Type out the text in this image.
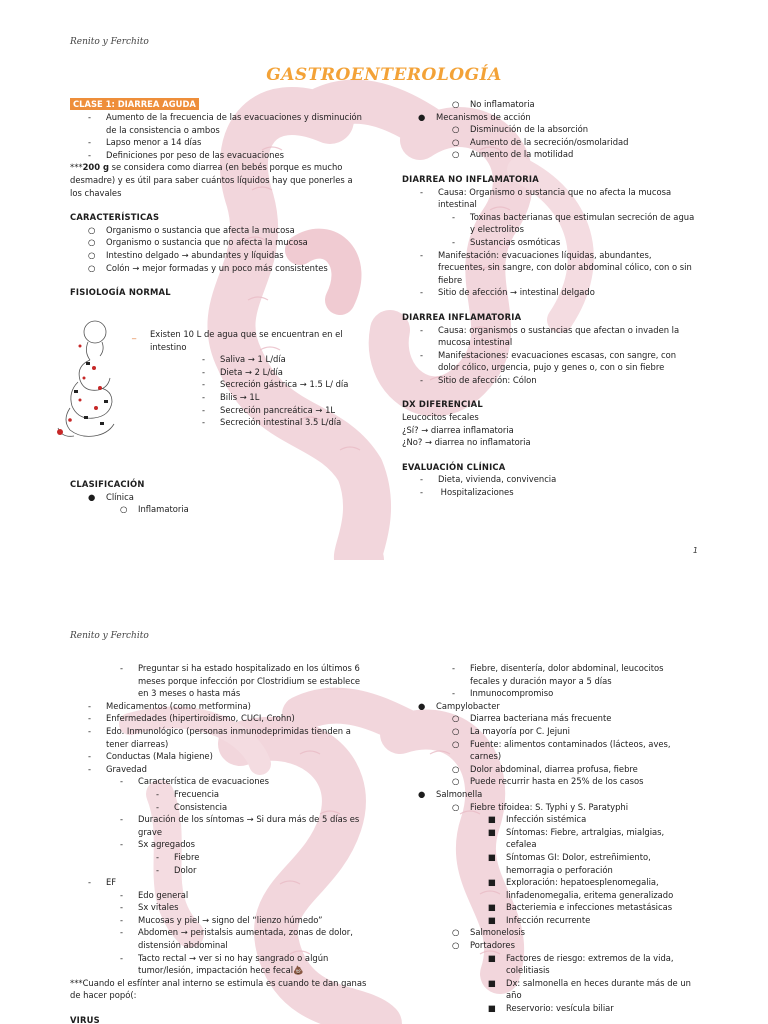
Renito y Ferchito
GASTROENTEROLOGÍA
CLASE 1: DIARREA AGUDA
- Aumento de la frecuencia de las evacuaciones y disminución
de la consistencia o ambos
- Lapso menor a 14 días
- Definiciones por peso de las evacuaciones
***200 g se considera como diarrea (en bebés porque es mucho
desmadre) y es útil para saber cuántos líquidos hay que ponerles a
los chavales
CARACTERÍSTICAS
○ Organismo o sustancia que afecta la mucosa
○ Organismo o sustancia que no afecta la mucosa
○ Intestino delgado → abundantes y líquidas
○ Colón → mejor formadas y un poco más consistentes
FISIOLOGÍA NORMAL
_ Existen 10 L de agua que se encuentran en el
intestino
- Saliva → 1 L/día
- Dieta → 2 L/día
- Secreción gástrica → 1.5 L/ día
- Bilis → 1L
- Secreción pancreática → 1L
- Secreción intestinal 3.5 L/día
CLASIFICACIÓN
● Clínica
○ Inflamatoria
○ No inflamatoria
● Mecanismos de acción
○ Disminución de la absorción
○ Aumento de la secreción/osmolaridad
○ Aumento de la motilidad
DIARREA NO INFLAMATORIA
- Causa: Organismo o sustancia que no afecta la mucosa
intestinal
- Toxinas bacterianas que estimulan secreción de agua
y electrolitos
- Sustancias osmóticas
- Manifestación: evacuaciones líquidas, abundantes,
frecuentes, sin sangre, con dolor abdominal cólico, con o sin
fiebre
- Sitio de afección → intestinal delgado
DIARREA INFLAMATORIA
- Causa: organismos o sustancias que afectan o invaden la
mucosa intestinal
- Manifestaciones: evacuaciones escasas, con sangre, con
dolor cólico, urgencia, pujo y genes o, con o sin fiebre
- Sitio de afección: Cólon
DX DIFERENCIAL
Leucocitos fecales
¿Sí? → diarrea inflamatoria
¿No? → diarrea no inflamatoria
EVALUACIÓN CLÍNICA
- Dieta, vivienda, convivencia
- Hospitalizaciones
1
Renito y Ferchito
- Preguntar si ha estado hospitalizado en los últimos 6
meses porque infección por Clostridium se establece
en 3 meses o hasta más
- Medicamentos (como metformina)
- Enfermedades (hipertiroidismo, CUCI, Crohn)
- Edo. Inmunológico (personas inmunodeprimidas tienden a
tener diarreas)
- Conductas (Mala higiene)
- Gravedad
- Característica de evacuaciones
- Frecuencia
- Consistencia
- Duración de los síntomas → Si dura más de 5 días es
grave
- Sx agregados
- Fiebre
- Dolor
- EF
- Edo general
- Sx vitales
- Mucosas y piel → signo del “lienzo húmedo”
- Abdomen → peristalsis aumentada, zonas de dolor,
distensión abdominal
- Tacto rectal → ver si no hay sangrado o algún
tumor/lesión, impactación hece fecal💩
***Cuando el esfínter anal interno se estimula es cuando te dan ganas
de hacer popó(:
VIRUS
- Fiebre, disentería, dolor abdominal, leucocitos
fecales y duración mayor a 5 días
- Inmunocompromiso
● Campylobacter
○ Diarrea bacteriana más frecuente
○ La mayoría por C. Jejuni
○ Fuente: alimentos contaminados (lácteos, aves,
carnes)
○ Dolor abdominal, diarrea profusa, fiebre
○ Puede recurrir hasta en 25% de los casos
● Salmonella
○ Fiebre tifoidea: S. Typhi y S. Paratyphi
■ Infección sistémica
■ Síntomas: Fiebre, artralgias, mialgias,
cefalea
■ Síntomas GI: Dolor, estreñimiento,
hemorragia o perforación
■ Exploración: hepatoesplenomegalia,
linfadenomegalia, eritema generalizado
■ Bacteriemia e infecciones metastásicas
■ Infección recurrente
○ Salmonelosis
○ Portadores
■ Factores de riesgo: extremos de la vida,
colelitiasis
■ Dx: salmonella en heces durante más de un
año
■ Reservorio: vesícula biliar
